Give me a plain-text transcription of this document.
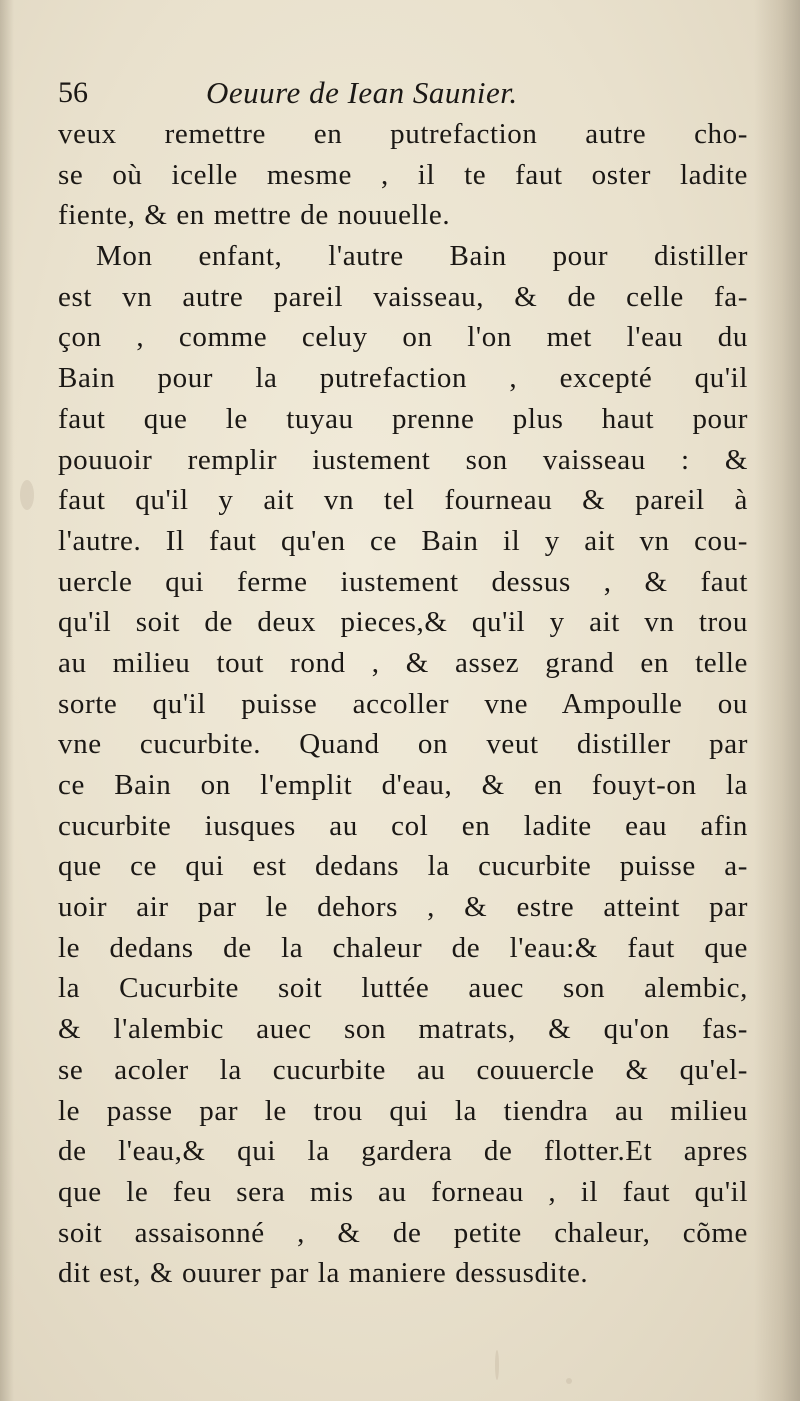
56	Oeuure de Iean Saunier.
veux remettre en putrefaction autre cho-
se où icelle mesme , il te faut oster ladite
fiente, & en mettre de nouuelle.
Mon enfant, l'autre Bain pour distiller
est vn autre pareil vaisseau, & de celle fa-
çon , comme celuy on l'on met l'eau du
Bain pour la putrefaction , excepté qu'il
faut que le tuyau prenne plus haut pour
pouuoir remplir iustement son vaisseau : &
faut qu'il y ait vn tel fourneau & pareil à
l'autre. Il faut qu'en ce Bain il y ait vn cou-
uercle qui ferme iustement dessus , & faut
qu'il soit de deux pieces,& qu'il y ait vn trou
au milieu tout rond , & assez grand en telle
sorte qu'il puisse accoller vne Ampoulle ou
vne cucurbite. Quand on veut distiller par
ce Bain on l'emplit d'eau, & en fouyt-on la
cucurbite iusques au col en ladite eau afin
que ce qui est dedans la cucurbite puisse a-
uoir air par le dehors , & estre atteint par
le dedans de la chaleur de l'eau:& faut que
la Cucurbite soit luttée auec son alembic,
& l'alembic auec son matrats, & qu'on fas-
se acoler la cucurbite au couuercle & qu'el-
le passe par le trou qui la tiendra au milieu
de l'eau,& qui la gardera de flotter.Et apres
que le feu sera mis au forneau , il faut qu'il
soit assaisonné , & de petite chaleur, cõme
dit est, & ouurer par la maniere dessusdite.
